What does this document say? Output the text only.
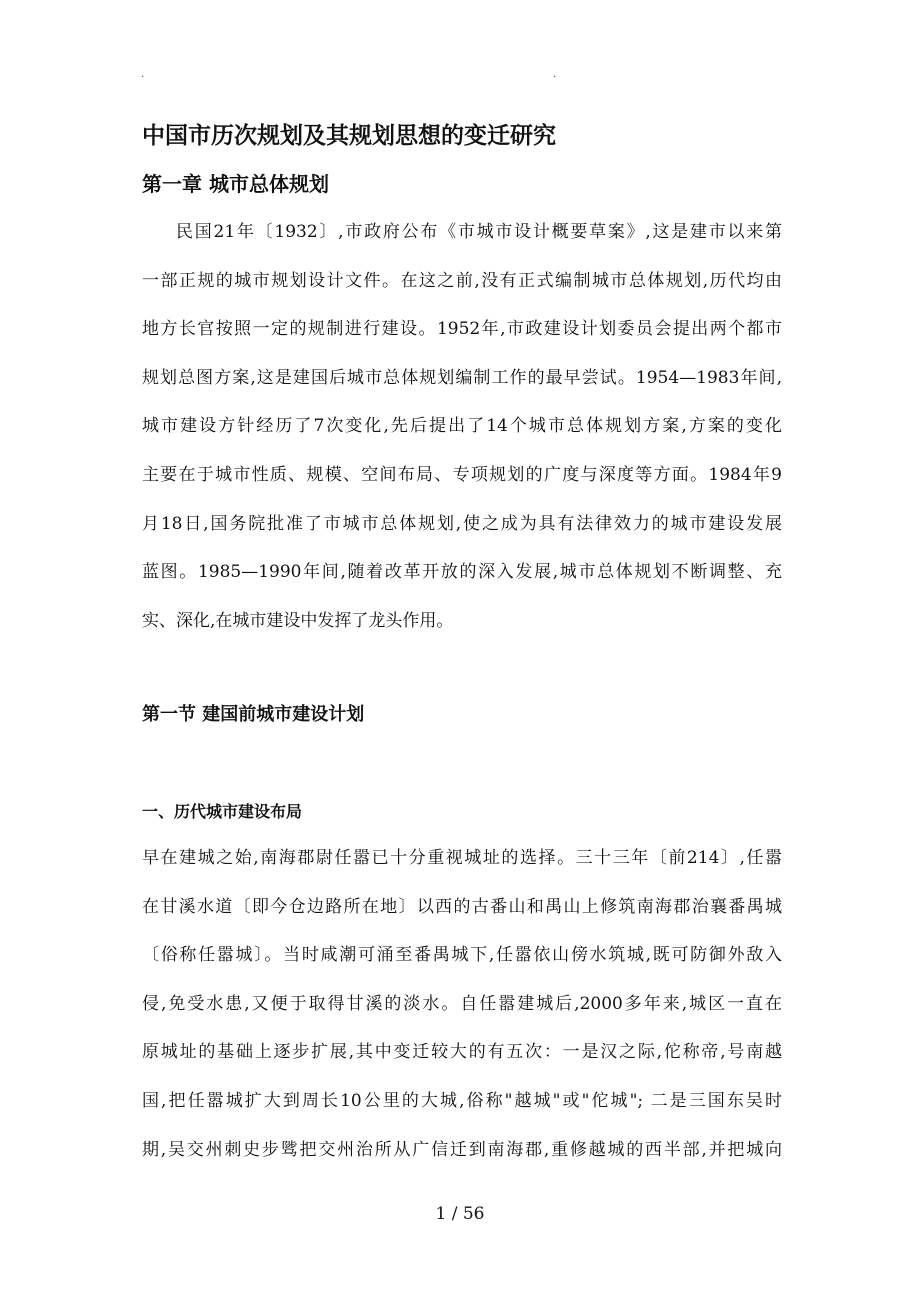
.	.
中国市历次规划及其规划思想的变迁研究
第一章 城市总体规划
民国21年〔1932〕,市政府公布《市城市设计概要草案》,这是建市以来第
一部正规的城市规划设计文件。在这之前,没有正式编制城市总体规划,历代均由
地方长官按照一定的规制进行建设。1952年,市政建设计划委员会提出两个都市
规划总图方案,这是建国后城市总体规划编制工作的最早尝试。1954—1983年间,
城市建设方针经历了7次变化,先后提出了14个城市总体规划方案,方案的变化
主要在于城市性质、规模、空间布局、专项规划的广度与深度等方面。1984年9
月18日,国务院批准了市城市总体规划,使之成为具有法律效力的城市建设发展
蓝图。1985—1990年间,随着改革开放的深入发展,城市总体规划不断调整、充
实、深化,在城市建设中发挥了龙头作用。
第一节 建国前城市建设计划
一、历代城市建设布局
早在建城之始,南海郡尉任嚣已十分重视城址的选择。三十三年〔前214〕,任嚣
在甘溪水道〔即今仓边路所在地〕以西的古番山和禺山上修筑南海郡治襄番禺城
〔俗称任嚣城〕。当时咸潮可涌至番禺城下,任嚣依山傍水筑城,既可防御外敌入
侵,免受水患,又便于取得甘溪的淡水。自任嚣建城后,2000多年来,城区一直在
原城址的基础上逐步扩展,其中变迁较大的有五次：一是汉之际,佗称帝,号南越
国,把任嚣城扩大到周长10公里的大城,俗称"越城"或"佗城"; 二是三国东吴时
期,吴交州刺史步骘把交州治所从广信迁到南海郡,重修越城的西半部,并把城向
1 / 56
